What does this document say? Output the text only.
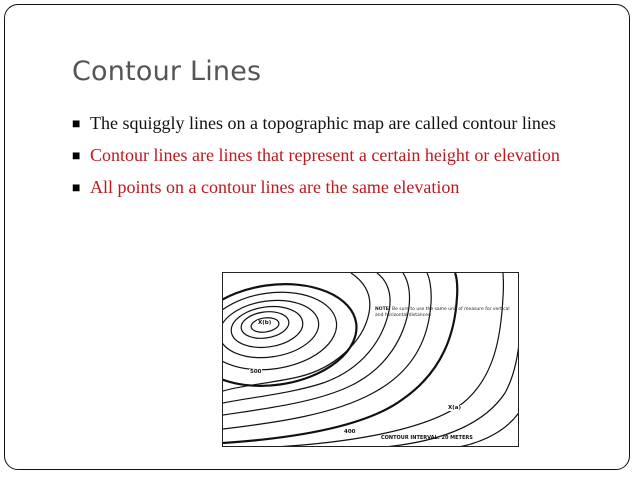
Contour Lines
■ The squiggly lines on a topographic map are called contour lines
■ Contour lines are lines that represent a certain height or elevation
■ All points on a contour lines are the same elevation
NOTE: Be sure to use the same unit of measure for vertical and horizontal distances.
500
400
X(b)
X(a)
CONTOUR INTERVAL: 20 METERS
